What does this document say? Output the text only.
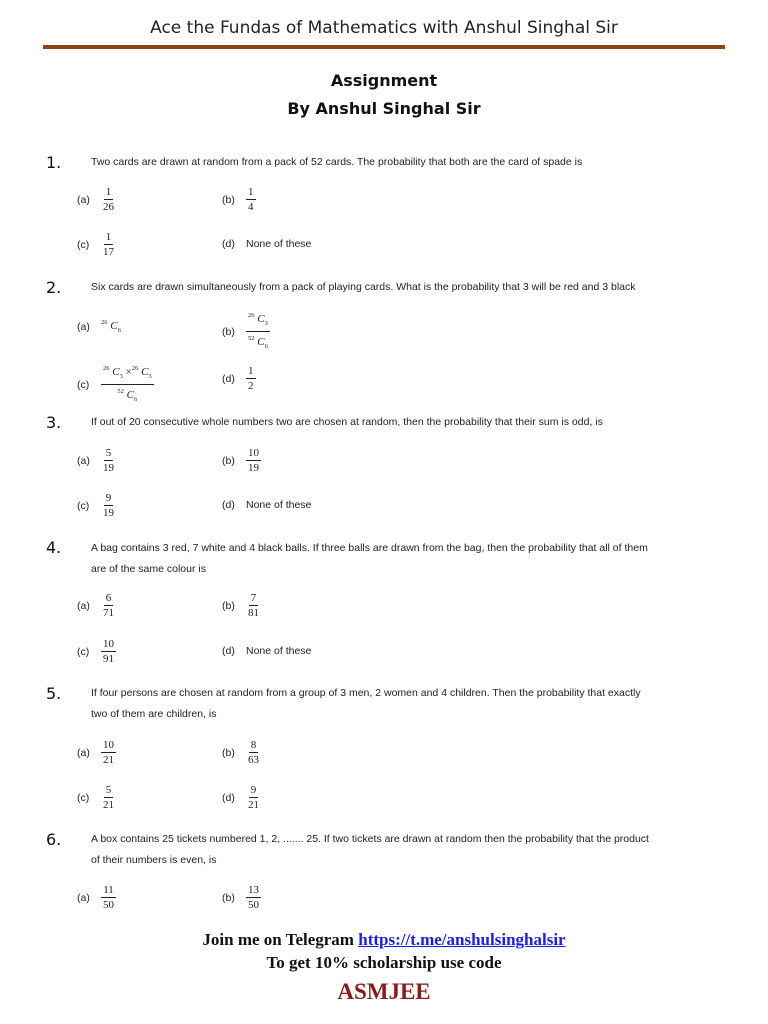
Ace the Fundas of Mathematics with Anshul Singhal Sir
Assignment
By Anshul Singhal Sir
1.	Two cards are drawn at random from a pack of 52 cards. The probability that both are the card of spade is
(a)	$\frac{1}{26}$	(b)	$\frac{1}{4}$
(c)	$\frac{1}{17}$	(d)	None of these
2.	Six cards are drawn simultaneously from a pack of playing cards. What is the probability that 3 will be red and 3 black
(a)	$^{26}$ $C_6$	(b)	$\frac{^{26} C_3}{^{52} C_6}$
(c)	$\frac{^{26} C_3 \times^{26} C_3}{^{52} C_6}$	(d)	$\frac{1}{2}$
3.	If out of 20 consecutive whole numbers two are chosen at random, then the probability that their sum is odd, is
(a)	$\frac{5}{19}$	(b)	$\frac{10}{19}$
(c)	$\frac{9}{19}$	(d)	None of these
4.	A bag contains 3 red, 7 white and 4 black balls. If three balls are drawn from the bag, then the probability that all of them
are of the same colour is
(a)	$\frac{6}{71}$	(b)	$\frac{7}{81}$
(c)	$\frac{10}{91}$	(d)	None of these
5.	If four persons are chosen at random from a group of 3 men, 2 women and 4 children. Then the probability that exactly
two of them are children, is
(a)	$\frac{10}{21}$	(b)	$\frac{8}{63}$
(c)	$\frac{5}{21}$	(d)	$\frac{9}{21}$
6.	A box contains 25 tickets numbered 1, 2, ....... 25. If two tickets are drawn at random then the probability that the product
of their numbers is even, is
(a)	$\frac{11}{50}$	(b)	$\frac{13}{50}$
Join me on Telegram https://t.me/anshulsinghalsir
To get 10% scholarship use code
ASMJEE
